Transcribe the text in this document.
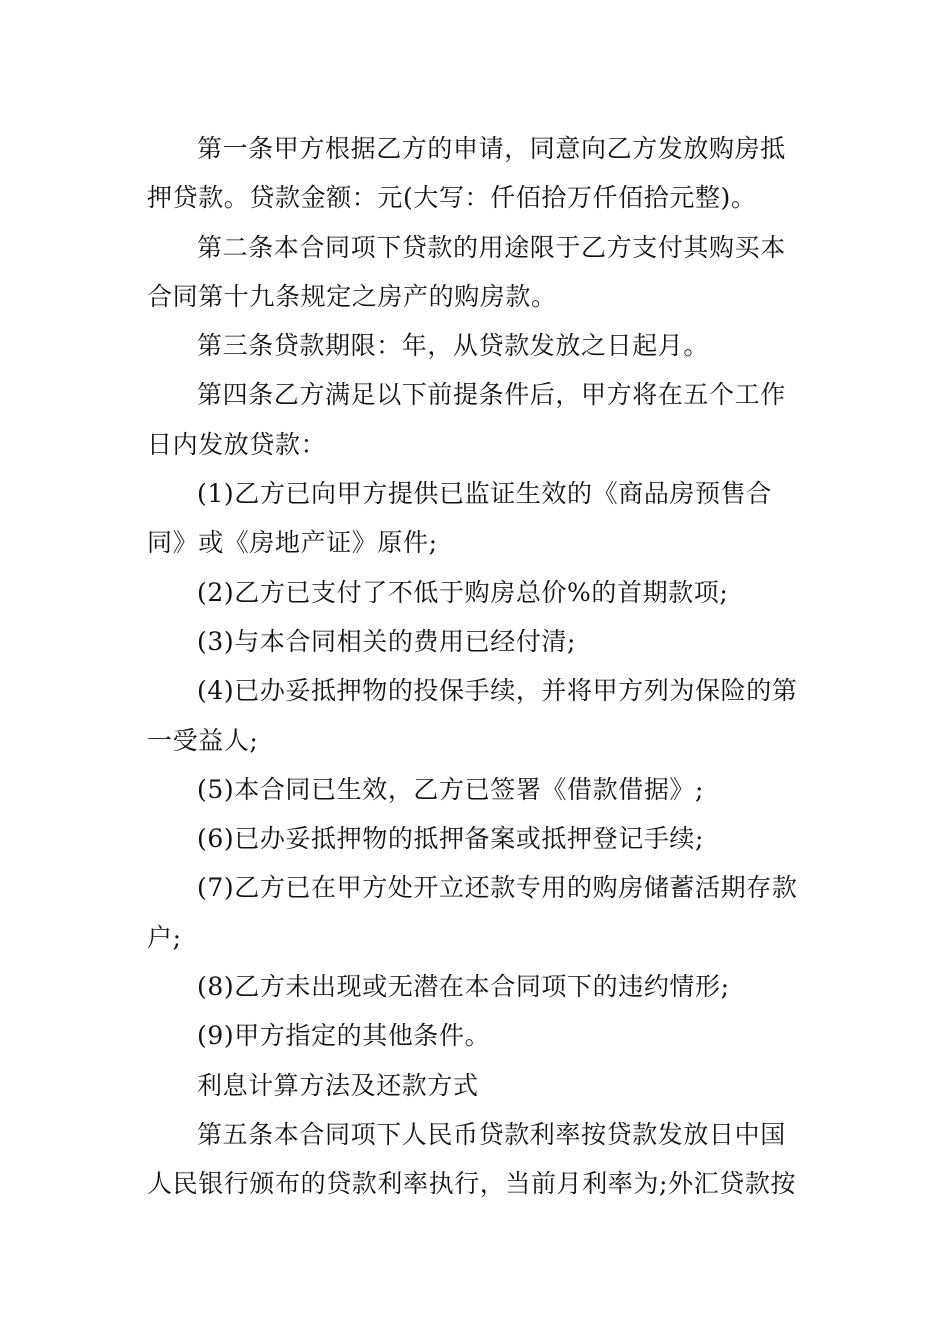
第一条甲方根据乙方的申请，同意向乙方发放购房抵押贷款。贷款金额：元(大写：仟佰拾万仟佰拾元整)。

第二条本合同项下贷款的用途限于乙方支付其购买本合同第十九条规定之房产的购房款。

第三条贷款期限：年，从贷款发放之日起月。

第四条乙方满足以下前提条件后，甲方将在五个工作日内发放贷款：

(1)乙方已向甲方提供已监证生效的《商品房预售合同》或《房地产证》原件;

(2)乙方已支付了不低于购房总价%的首期款项;

(3)与本合同相关的费用已经付清;

(4)已办妥抵押物的投保手续，并将甲方列为保险的第一受益人;

(5)本合同已生效，乙方已签署《借款借据》;

(6)已办妥抵押物的抵押备案或抵押登记手续;

(7)乙方已在甲方处开立还款专用的购房储蓄活期存款户;

(8)乙方未出现或无潜在本合同项下的违约情形;

(9)甲方指定的其他条件。

利息计算方法及还款方式

第五条本合同项下人民币贷款利率按贷款发放日中国人民银行颁布的贷款利率执行，当前月利率为;外汇贷款按
